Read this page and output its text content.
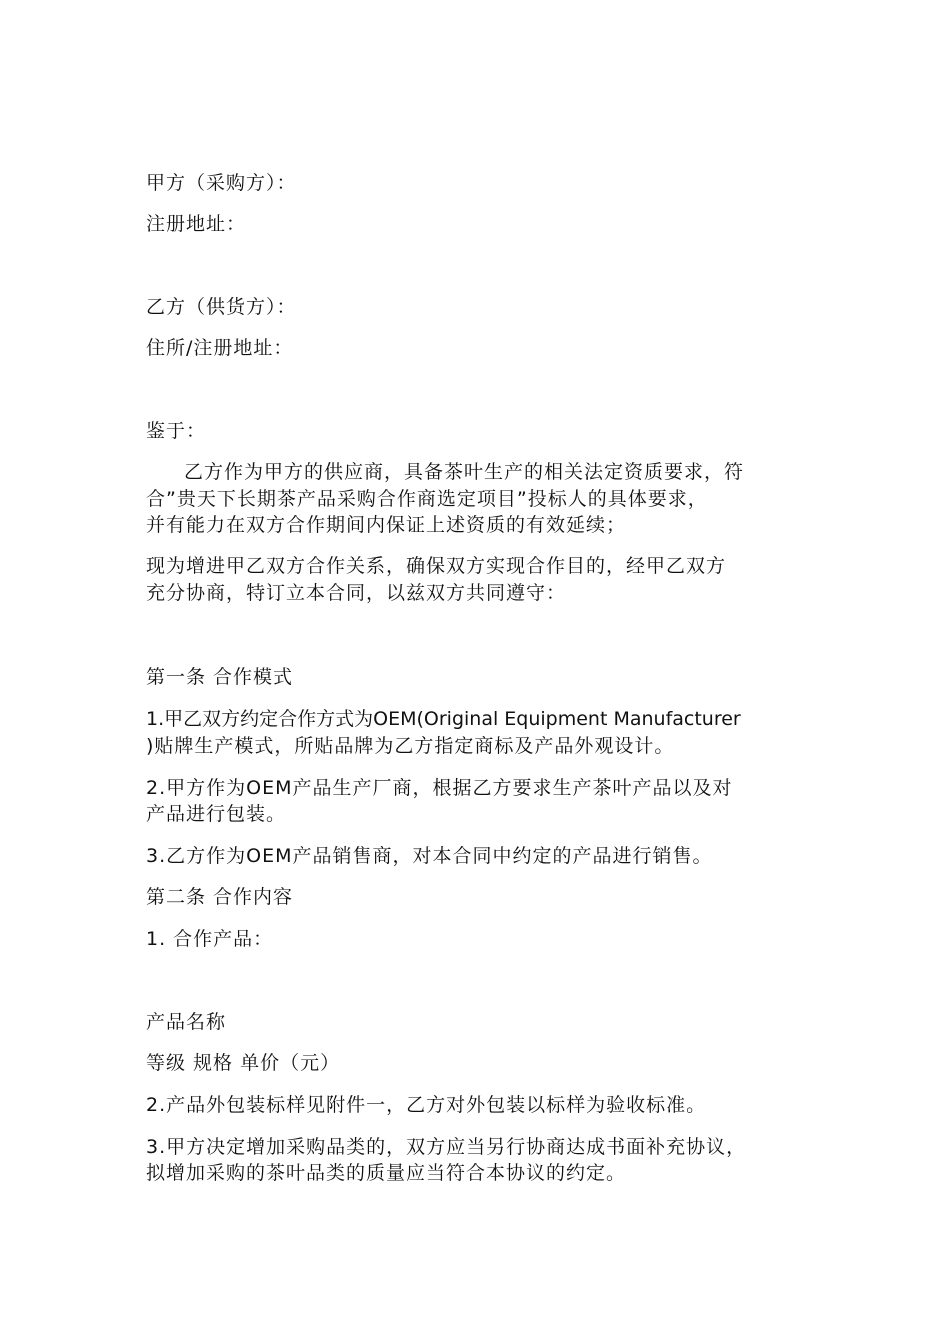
甲方（采购方）：
注册地址：
乙方（供货方）：
住所/注册地址：
鉴于：
乙方作为甲方的供应商，具备茶叶生产的相关法定资质要求，符
合”贵天下长期茶产品采购合作商选定项目”投标人的具体要求，
并有能力在双方合作期间内保证上述资质的有效延续；
现为增进甲乙双方合作关系，确保双方实现合作目的，经甲乙双方
充分协商，特订立本合同，以兹双方共同遵守：
第一条 合作模式
1.甲乙双方约定合作方式为OEM(Original Equipment Manufacturer
)贴牌生产模式，所贴品牌为乙方指定商标及产品外观设计。
2.甲方作为OEM产品生产厂商，根据乙方要求生产茶叶产品以及对
产品进行包装。
3.乙方作为OEM产品销售商，对本合同中约定的产品进行销售。
第二条 合作内容
1. 合作产品：
产品名称
等级 规格 单价（元）
2.产品外包装标样见附件一，乙方对外包装以标样为验收标准。
3.甲方决定增加采购品类的，双方应当另行协商达成书面补充协议，
拟增加采购的茶叶品类的质量应当符合本协议的约定。
